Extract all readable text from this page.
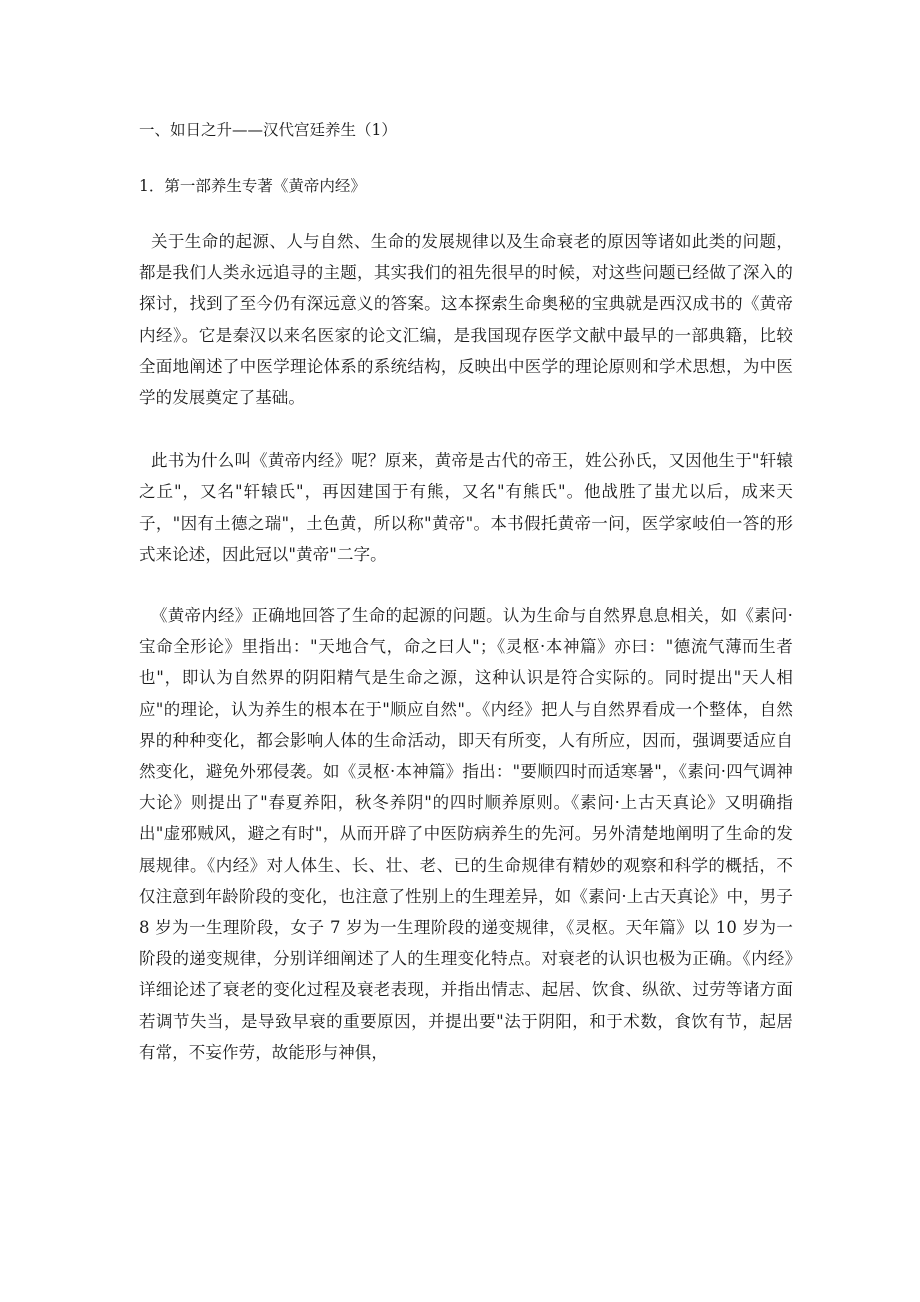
一、如日之升——汉代宫廷养生（1）

1．第一部养生专著《黄帝内经》

关于生命的起源、人与自然、生命的发展规律以及生命衰老的原因等诸如此类的问题，都是我们人类永远追寻的主题，其实我们的祖先很早的时候，对这些问题已经做了深入的探讨，找到了至今仍有深远意义的答案。这本探索生命奥秘的宝典就是西汉成书的《黄帝内经》。它是秦汉以来名医家的论文汇编，是我国现存医学文献中最早的一部典籍，比较全面地阐述了中医学理论体系的系统结构，反映出中医学的理论原则和学术思想，为中医学的发展奠定了基础。

此书为什么叫《黄帝内经》呢？原来，黄帝是古代的帝王，姓公孙氏，又因他生于"轩辕之丘"，又名"轩辕氏"，再因建国于有熊，又名"有熊氏"。他战胜了蚩尤以后，成来天子，"因有土德之瑞"，土色黄，所以称"黄帝"。本书假托黄帝一问，医学家岐伯一答的形式来论述，因此冠以"黄帝"二字。

《黄帝内经》正确地回答了生命的起源的问题。认为生命与自然界息息相关，如《素问·宝命全形论》里指出："天地合气，命之曰人"；《灵枢·本神篇》亦曰："德流气薄而生者也"，即认为自然界的阴阳精气是生命之源，这种认识是符合实际的。同时提出"天人相应"的理论，认为养生的根本在于"顺应自然"。《内经》把人与自然界看成一个整体，自然界的种种变化，都会影响人体的生命活动，即天有所变，人有所应，因而，强调要适应自然变化，避免外邪侵袭。如《灵枢·本神篇》指出："要顺四时而适寒暑"，《素问·四气调神大论》则提出了"春夏养阳，秋冬养阴"的四时顺养原则。《素问·上古天真论》又明确指出"虚邪贼风，避之有时"，从而开辟了中医防病养生的先河。另外清楚地阐明了生命的发展规律。《内经》对人体生、长、壮、老、已的生命规律有精妙的观察和科学的概括，不仅注意到年龄阶段的变化，也注意了性别上的生理差异，如《素问·上古天真论》中，男子 8 岁为一生理阶段，女子 7 岁为一生理阶段的递变规律，《灵枢。天年篇》以 10 岁为一阶段的递变规律，分别详细阐述了人的生理变化特点。对衰老的认识也极为正确。《内经》详细论述了衰老的变化过程及衰老表现，并指出情志、起居、饮食、纵欲、过劳等诸方面若调节失当，是导致早衰的重要原因，并提出要"法于阴阳，和于术数，食饮有节，起居有常，不妄作劳，故能形与神俱，
